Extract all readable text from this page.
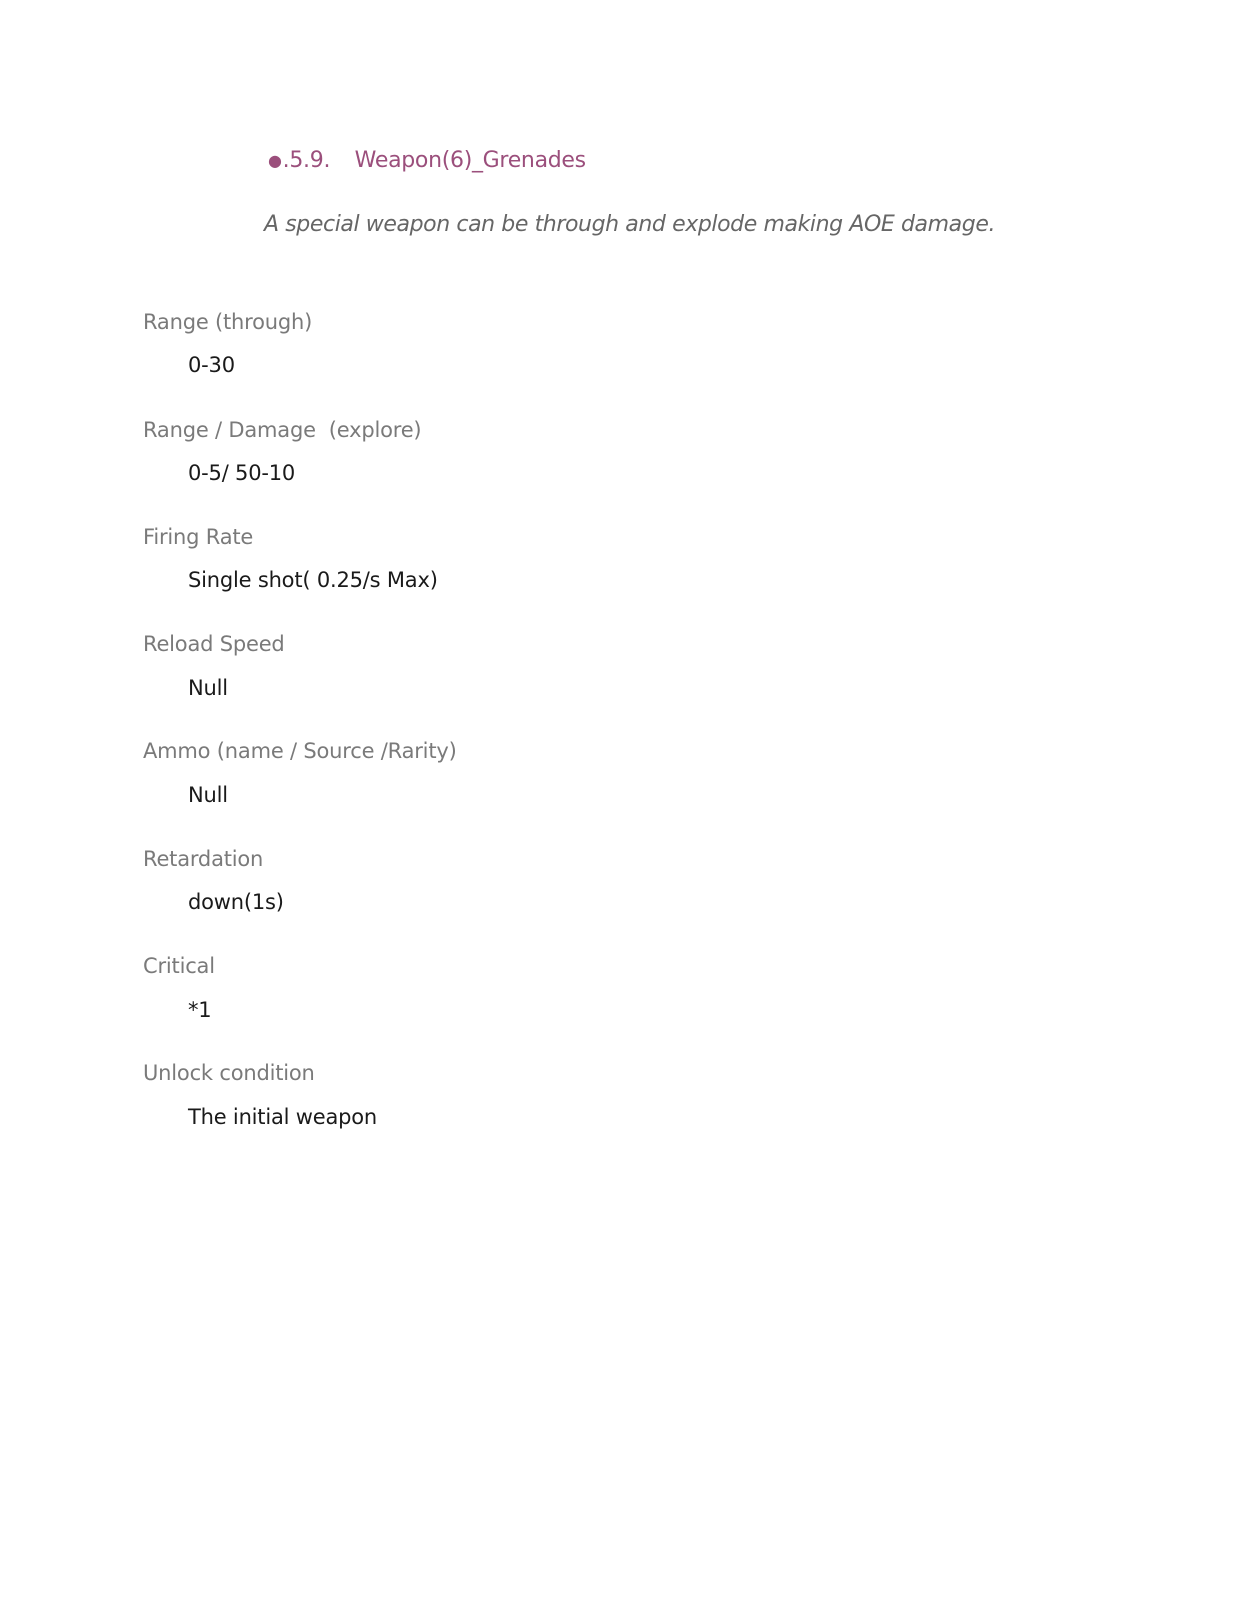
● .5.9.	Weapon(6)_Grenades
A special weapon can be through and explode making AOE damage.
Range (through)
0-30
Range / Damage  (explore)
0-5/ 50-10
Firing Rate
Single shot( 0.25/s Max)
Reload Speed
Null
Ammo (name / Source /Rarity)
Null
Retardation
down(1s)
Critical
*1
Unlock condition
The initial weapon
